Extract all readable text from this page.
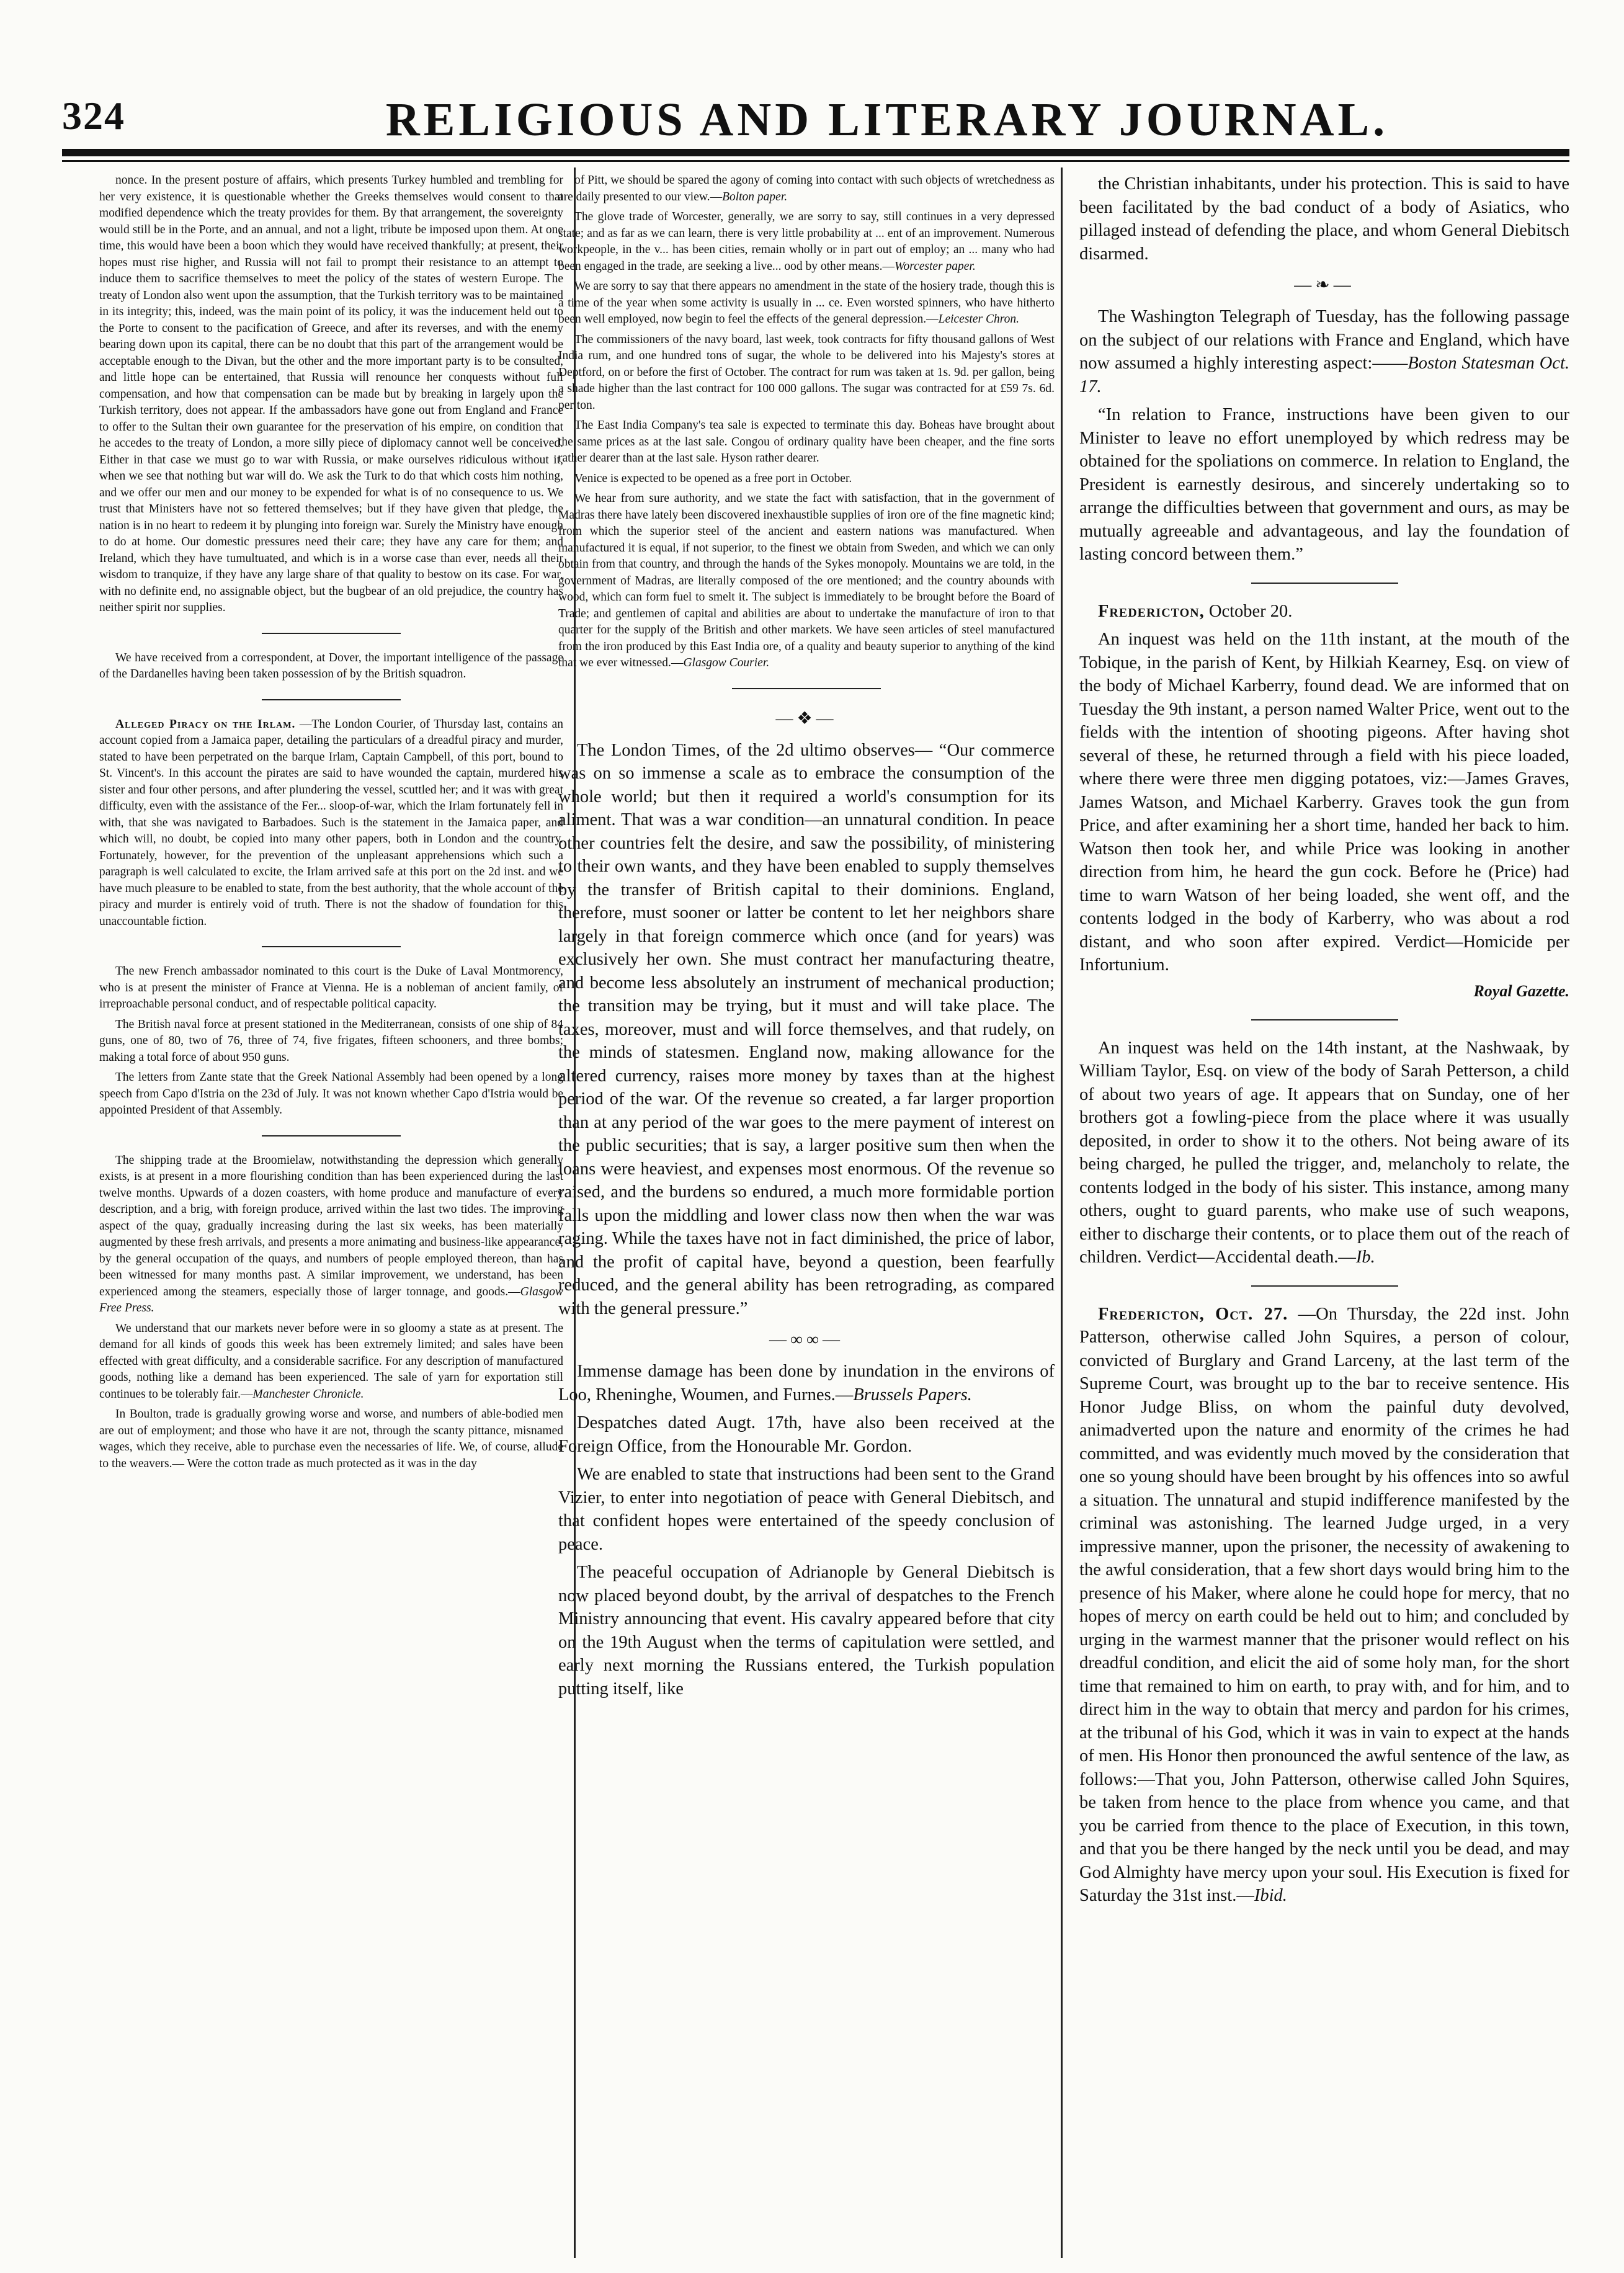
324	RELIGIOUS AND LITERARY JOURNAL.

nonce. In the present posture of affairs, which presents Turkey humbled and trembling for her very existence, it is questionable whether the Greeks themselves would consent to that modified dependence which the treaty provides for them. By that arrangement, the sovereignty would still be in the Porte, and an annual, and not a light, tribute be imposed upon them. At one time, this would have been a boon which they would have received thankfully; at present, their hopes must rise higher, and Russia will not fail to prompt their resistance to an attempt to induce them to sacrifice themselves to meet the policy of the states of western Europe. The treaty of London also went upon the assumption, that the Turkish territory was to be maintained in its integrity; this, indeed, was the main point of its policy, it was the inducement held out to the Porte to consent to the pacification of Greece, and after its reverses, and with the enemy bearing down upon its capital, there can be no doubt that this part of the arrangement would be acceptable enough to the Divan, but the other and the more important party is to be consulted, and little hope can be entertained, that Russia will renounce her conquests without full compensation, and how that compensation can be made but by breaking in largely upon the Turkish territory, does not appear. If the ambassadors have gone out from England and France to offer to the Sultan their own guarantee for the preservation of his empire, on condition that he accedes to the treaty of London, a more silly piece of diplomacy cannot well be conceived. Either in that case we must go to war with Russia, or make ourselves ridiculous without it, when we see that nothing but war will do. We ask the Turk to do that which costs him nothing, and we offer our men and our money to be expended for what is of no consequence to us. We trust that Ministers have not so fettered themselves; but if they have given that pledge, the nation is in no heart to redeem it by plunging into foreign war. Surely the Ministry have enough to do at home. Our domestic pressures need their care; they have any care for them; and Ireland, which they have tumultuated, and which is in a worse case than ever, needs all their wisdom to tranquize, if they have any large share of that quality to bestow on its case. For war, with no definite end, no assignable object, but the bugbear of an old prejudice, the country has neither spirit nor supplies.

We have received from a correspondent, at Dover, the important intelligence of the passage of the Dardanelles having been taken possession of by the British squadron.

Alleged Piracy on the Irlam. —The London Courier, of Thursday last, contains an account copied from a Jamaica paper, detailing the particulars of a dreadful piracy and murder, stated to have been perpetrated on the barque Irlam, Captain Campbell, of this port, bound to St. Vincent's. In this account the pirates are said to have wounded the captain, murdered his sister and four other persons, and after plundering the vessel, scuttled her; and it was with great difficulty, even with the assistance of the Fer... sloop-of-war, which the Irlam fortunately fell in with, that she was navigated to Barbadoes. Such is the statement in the Jamaica paper, and which will, no doubt, be copied into many other papers, both in London and the country. Fortunately, however, for the prevention of the unpleasant apprehensions which such a paragraph is well calculated to excite, the Irlam arrived safe at this port on the 2d inst. and we have much pleasure to be enabled to state, from the best authority, that the whole account of the piracy and murder is entirely void of truth. There is not the shadow of foundation for this unaccountable fiction.

The new French ambassador nominated to this court is the Duke of Laval Montmorency, who is at present the minister of France at Vienna. He is a nobleman of ancient family, of irreproachable personal conduct, and of respectable political capacity.

The British naval force at present stationed in the Mediterranean, consists of one ship of 84 guns, one of 80, two of 76, three of 74, five frigates, fifteen schooners, and three bombs; making a total force of about 950 guns.

The letters from Zante state that the Greek National Assembly had been opened by a long speech from Capo d'Istria on the 23d of July. It was not known whether Capo d'Istria would be appointed President of that Assembly.

The shipping trade at the Broomielaw, notwithstanding the depression which generally exists, is at present in a more flourishing condition than has been experienced during the last twelve months. Upwards of a dozen coasters, with home produce and manufacture of every description, and a brig, with foreign produce, arrived within the last two tides. The improving aspect of the quay, gradually increasing during the last six weeks, has been materially augmented by these fresh arrivals, and presents a more animating and business-like appearance, by the general occupation of the quays, and numbers of people employed thereon, than has been witnessed for many months past. A similar improvement, we understand, has been experienced among the steamers, especially those of larger tonnage, and goods.—Glasgow Free Press.

We understand that our markets never before were in so gloomy a state as at present. The demand for all kinds of goods this week has been extremely limited; and sales have been effected with great difficulty, and a considerable sacrifice. For any description of manufactured goods, nothing like a demand has been experienced. The sale of yarn for exportation still continues to be tolerably fair.—Manchester Chronicle.

In Boulton, trade is gradually growing worse and worse, and numbers of able-bodied men are out of employment; and those who have it are not, through the scanty pittance, misnamed wages, which they receive, able to purchase even the necessaries of life. We, of course, allude to the weavers.— Were the cotton trade as much protected as it was in the day

of Pitt, we should be spared the agony of coming into contact with such objects of wretchedness as are daily presented to our view.—Bolton paper.

The glove trade of Worcester, generally, we are sorry to say, still continues in a very depressed state; and as far as we can learn, there is very little probability at ... ent of an improvement. Numerous workpeople, in the v... has been cities, remain wholly or in part out of employ; an ... many who had been engaged in the trade, are seeking a live... ood by other means.—Worcester paper.

We are sorry to say that there appears no amendment in the state of the hosiery trade, though this is a time of the year when some activity is usually in ... ce. Even worsted spinners, who have hitherto been well employed, now begin to feel the effects of the general depression.—Leicester Chron.

The commissioners of the navy board, last week, took contracts for fifty thousand gallons of West India rum, and one hundred tons of sugar, the whole to be delivered into his Majesty's stores at Deptford, on or before the first of October. The contract for rum was taken at 1s. 9d. per gallon, being a shade higher than the last contract for 100 000 gallons. The sugar was contracted for at £59 7s. 6d. per ton.

The East India Company's tea sale is expected to terminate this day. Boheas have brought about the same prices as at the last sale. Congou of ordinary quality have been cheaper, and the fine sorts rather dearer than at the last sale. Hyson rather dearer.

Venice is expected to be opened as a free port in October.

We hear from sure authority, and we state the fact with satisfaction, that in the government of Madras there have lately been discovered inexhaustible supplies of iron ore of the fine magnetic kind; from which the superior steel of the ancient and eastern nations was manufactured. When manufactured it is equal, if not superior, to the finest we obtain from Sweden, and which we can only obtain from that country, and through the hands of the Sykes monopoly. Mountains we are told, in the government of Madras, are literally composed of the ore mentioned; and the country abounds with wood, which can form fuel to smelt it. The subject is immediately to be brought before the Board of Trade; and gentlemen of capital and abilities are about to undertake the manufacture of iron to that quarter for the supply of the British and other markets. We have seen articles of steel manufactured from the iron produced by this East India ore, of a quality and beauty superior to anything of the kind that we ever witnessed.—Glasgow Courier.

—❖—

The London Times, of the 2d ultimo observes— “Our commerce was on so immense a scale as to embrace the consumption of the whole world; but then it required a world's consumption for its aliment. That was a war condition—an unnatural condition. In peace other countries felt the desire, and saw the possibility, of ministering to their own wants, and they have been enabled to supply themselves by the transfer of British capital to their dominions. England, therefore, must sooner or latter be content to let her neighbors share largely in that foreign commerce which once (and for years) was exclusively her own. She must contract her manufacturing theatre, and become less absolutely an instrument of mechanical production; the transition may be trying, but it must and will take place. The taxes, moreover, must and will force themselves, and that rudely, on the minds of statesmen. England now, making allowance for the altered currency, raises more money by taxes than at the highest period of the war. Of the revenue so created, a far larger proportion than at any period of the war goes to the mere payment of interest on the public securities; that is say, a larger positive sum then when the loans were heaviest, and expenses most enormous. Of the revenue so raised, and the burdens so endured, a much more formidable portion falls upon the middling and lower class now then when the war was raging. While the taxes have not in fact diminished, the price of labor, and the profit of capital have, beyond a question, been fearfully reduced, and the general ability has been retrograding, as compared with the general pressure.”

—∞∞—

Immense damage has been done by inundation in the environs of Loo, Rheninghe, Woumen, and Furnes.—Brussels Papers.

Despatches dated Augt. 17th, have also been received at the Foreign Office, from the Honourable Mr. Gordon.

We are enabled to state that instructions had been sent to the Grand Vizier, to enter into negotiation of peace with General Diebitsch, and that confident hopes were entertained of the speedy conclusion of peace.

The peaceful occupation of Adrianople by General Diebitsch is now placed beyond doubt, by the arrival of despatches to the French Ministry announcing that event. His cavalry appeared before that city on the 19th August when the terms of capitulation were settled, and early next morning the Russians entered, the Turkish population putting itself, like

the Christian inhabitants, under his protection. This is said to have been facilitated by the bad conduct of a body of Asiatics, who pillaged instead of defending the place, and whom General Diebitsch disarmed.

—❧—

The Washington Telegraph of Tuesday, has the following passage on the subject of our relations with France and England, which have now assumed a highly interesting aspect:——Boston Statesman Oct. 17.

“In relation to France, instructions have been given to our Minister to leave no effort unemployed by which redress may be obtained for the spoliations on commerce. In relation to England, the President is earnestly desirous, and sincerely undertaking so to arrange the difficulties between that government and ours, as may be mutually agreeable and advantageous, and lay the foundation of lasting concord between them.”

Fredericton, October 20.

An inquest was held on the 11th instant, at the mouth of the Tobique, in the parish of Kent, by Hilkiah Kearney, Esq. on view of the body of Michael Karberry, found dead. We are informed that on Tuesday the 9th instant, a person named Walter Price, went out to the fields with the intention of shooting pigeons. After having shot several of these, he returned through a field with his piece loaded, where there were three men digging potatoes, viz:—James Graves, James Watson, and Michael Karberry. Graves took the gun from Price, and after examining her a short time, handed her back to him. Watson then took her, and while Price was looking in another direction from him, he heard the gun cock. Before he (Price) had time to warn Watson of her being loaded, she went off, and the contents lodged in the body of Karberry, who was about a rod distant, and who soon after expired. Verdict—Homicide per Infortunium.

Royal Gazette.

An inquest was held on the 14th instant, at the Nashwaak, by William Taylor, Esq. on view of the body of Sarah Petterson, a child of about two years of age. It appears that on Sunday, one of her brothers got a fowling-piece from the place where it was usually deposited, in order to show it to the others. Not being aware of its being charged, he pulled the trigger, and, melancholy to relate, the contents lodged in the body of his sister. This instance, among many others, ought to guard parents, who make use of such weapons, either to discharge their contents, or to place them out of the reach of children. Verdict—Accidental death.—Ib.

Fredericton, Oct. 27. —On Thursday, the 22d inst. John Patterson, otherwise called John Squires, a person of colour, convicted of Burglary and Grand Larceny, at the last term of the Supreme Court, was brought up to the bar to receive sentence. His Honor Judge Bliss, on whom the painful duty devolved, animadverted upon the nature and enormity of the crimes he had committed, and was evidently much moved by the consideration that one so young should have been brought by his offences into so awful a situation. The unnatural and stupid indifference manifested by the criminal was astonishing. The learned Judge urged, in a very impressive manner, upon the prisoner, the necessity of awakening to the awful consideration, that a few short days would bring him to the presence of his Maker, where alone he could hope for mercy, that no hopes of mercy on earth could be held out to him; and concluded by urging in the warmest manner that the prisoner would reflect on his dreadful condition, and elicit the aid of some holy man, for the short time that remained to him on earth, to pray with, and for him, and to direct him in the way to obtain that mercy and pardon for his crimes, at the tribunal of his God, which it was in vain to expect at the hands of men. His Honor then pronounced the awful sentence of the law, as follows:—That you, John Patterson, otherwise called John Squires, be taken from hence to the place from whence you came, and that you be carried from thence to the place of Execution, in this town, and that you be there hanged by the neck until you be dead, and may God Almighty have mercy upon your soul. His Execution is fixed for Saturday the 31st inst.—Ibid.
